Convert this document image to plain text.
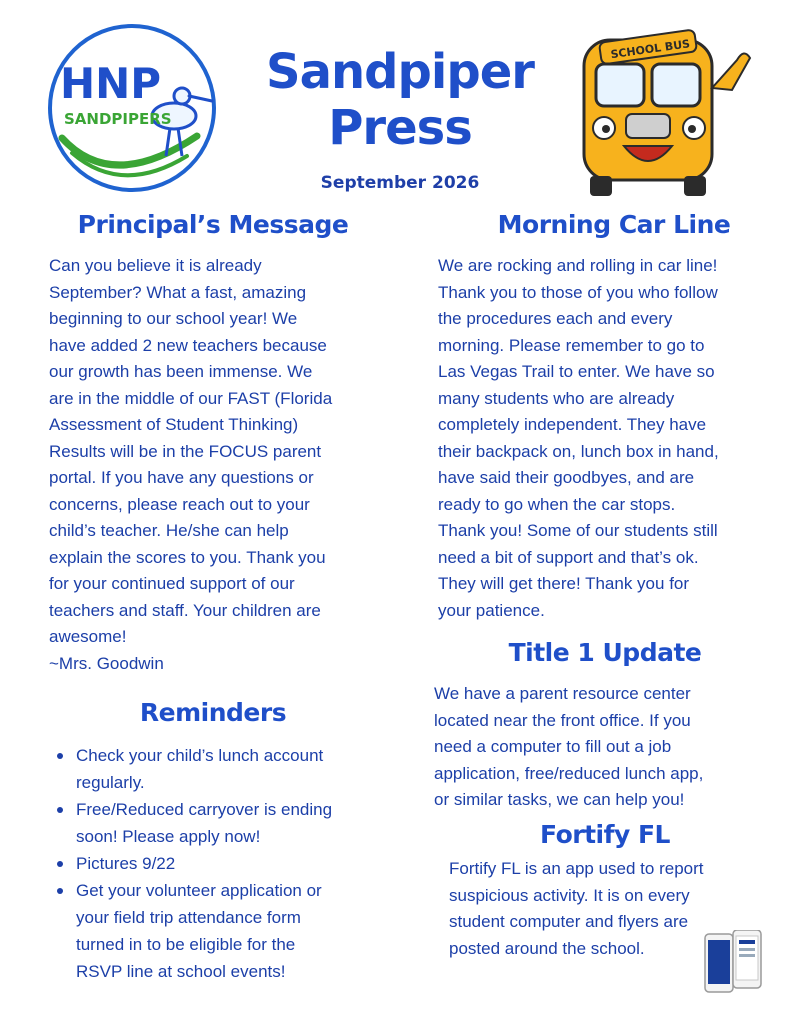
HNP
SANDPIPERS
Sandpiper
Press
September 2026
SCHOOL BUS
Principal’s Message
Can you believe it is already
September? What a fast, amazing
beginning to our school year! We
have added 2 new teachers because
our growth has been immense. We
are in the middle of our FAST (Florida
Assessment of Student Thinking)
Results will be in the FOCUS parent
portal. If you have any questions or
concerns, please reach out to your
child’s teacher. He/she can help
explain the scores to you. Thank you
for your continued support of our
teachers and staff. Your children are
awesome!
~Mrs. Goodwin
Reminders
Check your child’s lunch account
regularly.
Free/Reduced carryover is ending
soon! Please apply now!
Pictures 9/22
Get your volunteer application or
your field trip attendance form
turned in to be eligible for the
RSVP line at school events!
Morning Car Line
We are rocking and rolling in car line!
Thank you to those of you who follow
the procedures each and every
morning. Please remember to go to
Las Vegas Trail to enter. We have so
many students who are already
completely independent. They have
their backpack on, lunch box in hand,
have said their goodbyes, and are
ready to go when the car stops.
Thank you! Some of our students still
need a bit of support and that’s ok.
They will get there! Thank you for
your patience.
Title 1 Update
We have a parent resource center
located near the front office. If you
need a computer to fill out a job
application, free/reduced lunch app,
or similar tasks, we can help you!
Fortify FL
Fortify FL is an app used to report
suspicious activity. It is on every
student computer and flyers are
posted around the school.
